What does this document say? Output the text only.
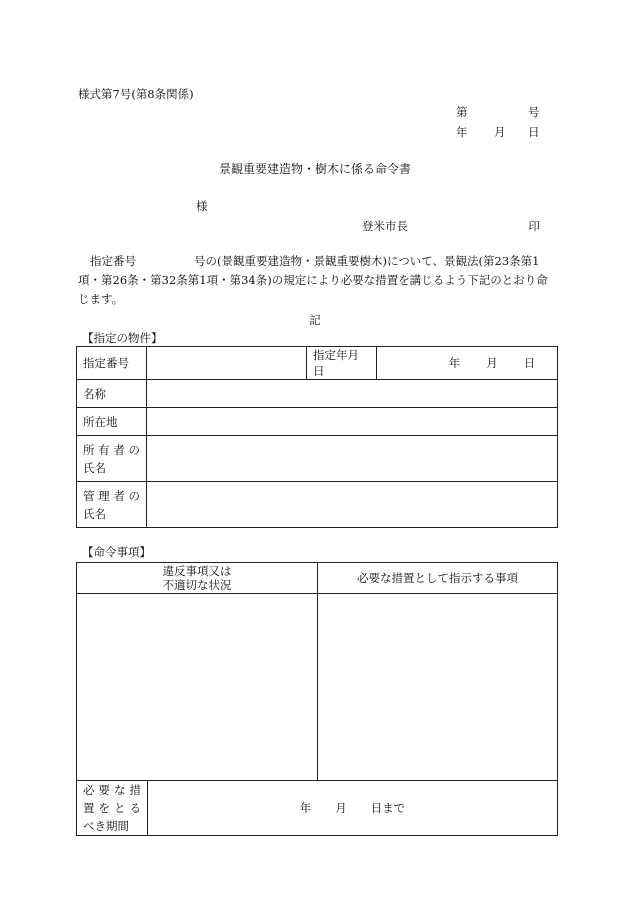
様式第7号(第8条関係)
第	号
年 月 日
景観重要建造物・樹木に係る命令書
様
登米市長	印
指定番号	号の(景観重要建造物・景観重要樹木)について、景観法(第23条第1項・第26条・第32条第1項・第34条)の規定により必要な措置を講じるよう下記のとおり命じます。
記
【指定の物件】
指定番号		指定年月日	年 月 日
名称			
所在地			

所有者の
氏名			

管理者の
氏名			

【命令事項】
違反事項又は
不適切な状況		必要な措置として指示する事項

必要な措
置をとる
べき期間	年 月 日まで	
